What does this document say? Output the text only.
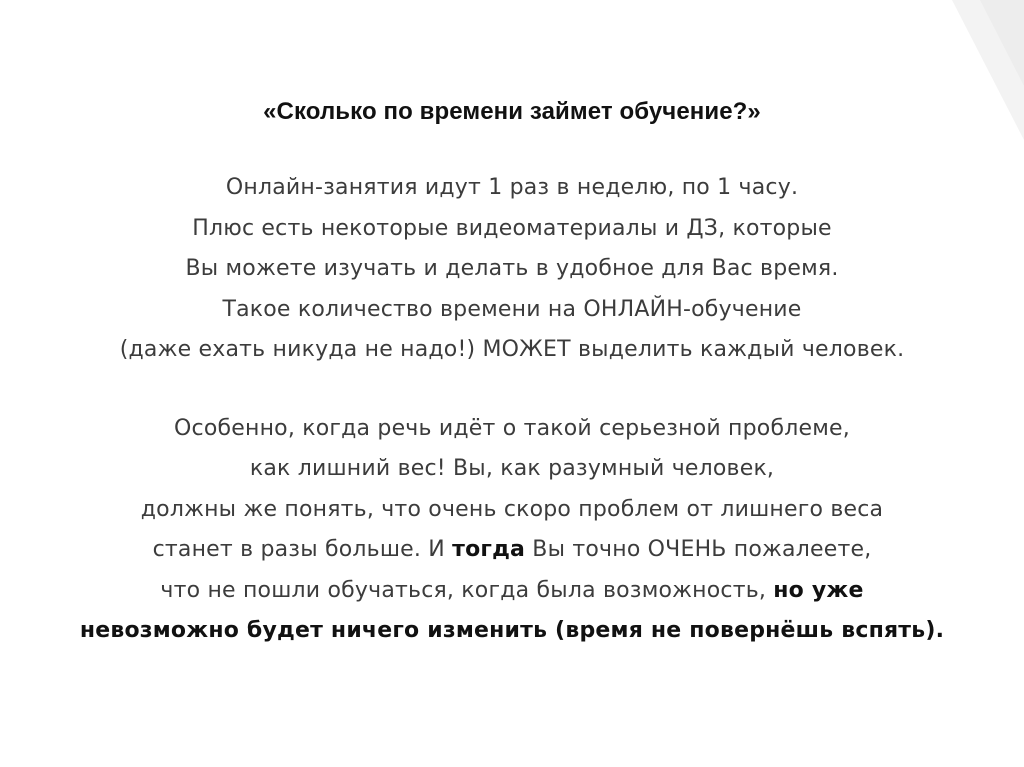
«Сколько по времени займет обучение?»

Онлайн-занятия идут 1 раз в неделю, по 1 часу.
Плюс есть некоторые видеоматериалы и ДЗ, которые
Вы можете изучать и делать в удобное для Вас время.
Такое количество времени на ОНЛАЙН-обучение
(даже ехать никуда не надо!) МОЖЕТ выделить каждый человек.

Особенно, когда речь идёт о такой серьезной проблеме,
как лишний вес! Вы, как разумный человек,
должны же понять, что очень скоро проблем от лишнего веса
станет в разы больше. И тогда Вы точно ОЧЕНЬ пожалеете,
что не пошли обучаться, когда была возможность, но уже
невозможно будет ничего изменить (время не повернёшь вспять).
